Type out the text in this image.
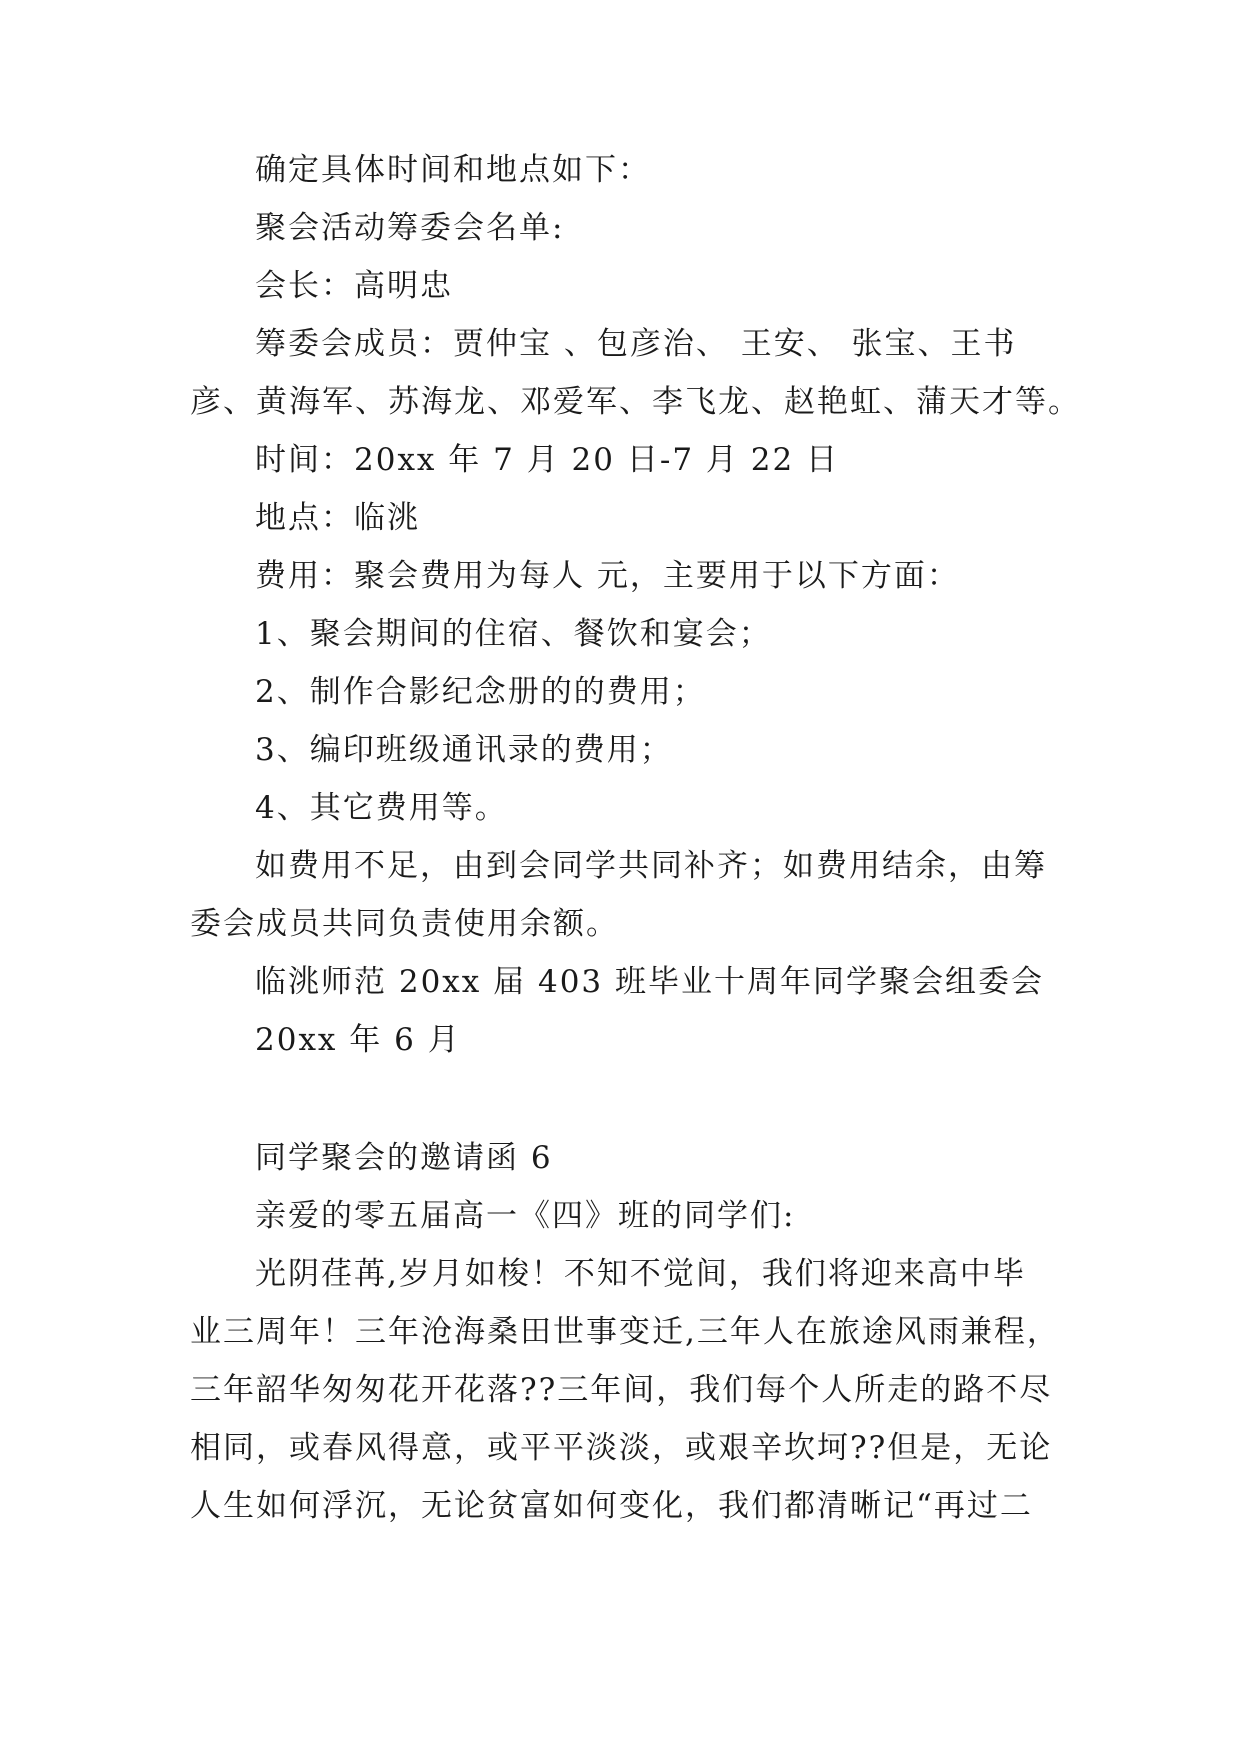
确定具体时间和地点如下：
聚会活动筹委会名单:
会长：高明忠
筹委会成员：贾仲宝 、包彦治、 王安、 张宝、王书
彦、黄海军、苏海龙、邓爱军、李飞龙、赵艳虹、蒲天才等。
时间：20xx 年 7 月 20 日-7 月 22 日
地点：临洮
费用：聚会费用为每人 元，主要用于以下方面：
1、聚会期间的住宿、餐饮和宴会；
2、制作合影纪念册的的费用；
3、编印班级通讯录的费用；
4、其它费用等。
如费用不足，由到会同学共同补齐；如费用结余，由筹
委会成员共同负责使用余额。
临洮师范 20xx 届 403 班毕业十周年同学聚会组委会
20xx 年 6 月
同学聚会的邀请函 6
亲爱的零五届高一《四》班的同学们:
光阴荏苒,岁月如梭！不知不觉间，我们将迎来高中毕
业三周年！三年沧海桑田世事变迁,三年人在旅途风雨兼程，
三年韶华匆匆花开花落??三年间，我们每个人所走的路不尽
相同，或春风得意，或平平淡淡，或艰辛坎坷??但是，无论
人生如何浮沉，无论贫富如何变化，我们都清晰记“再过二
